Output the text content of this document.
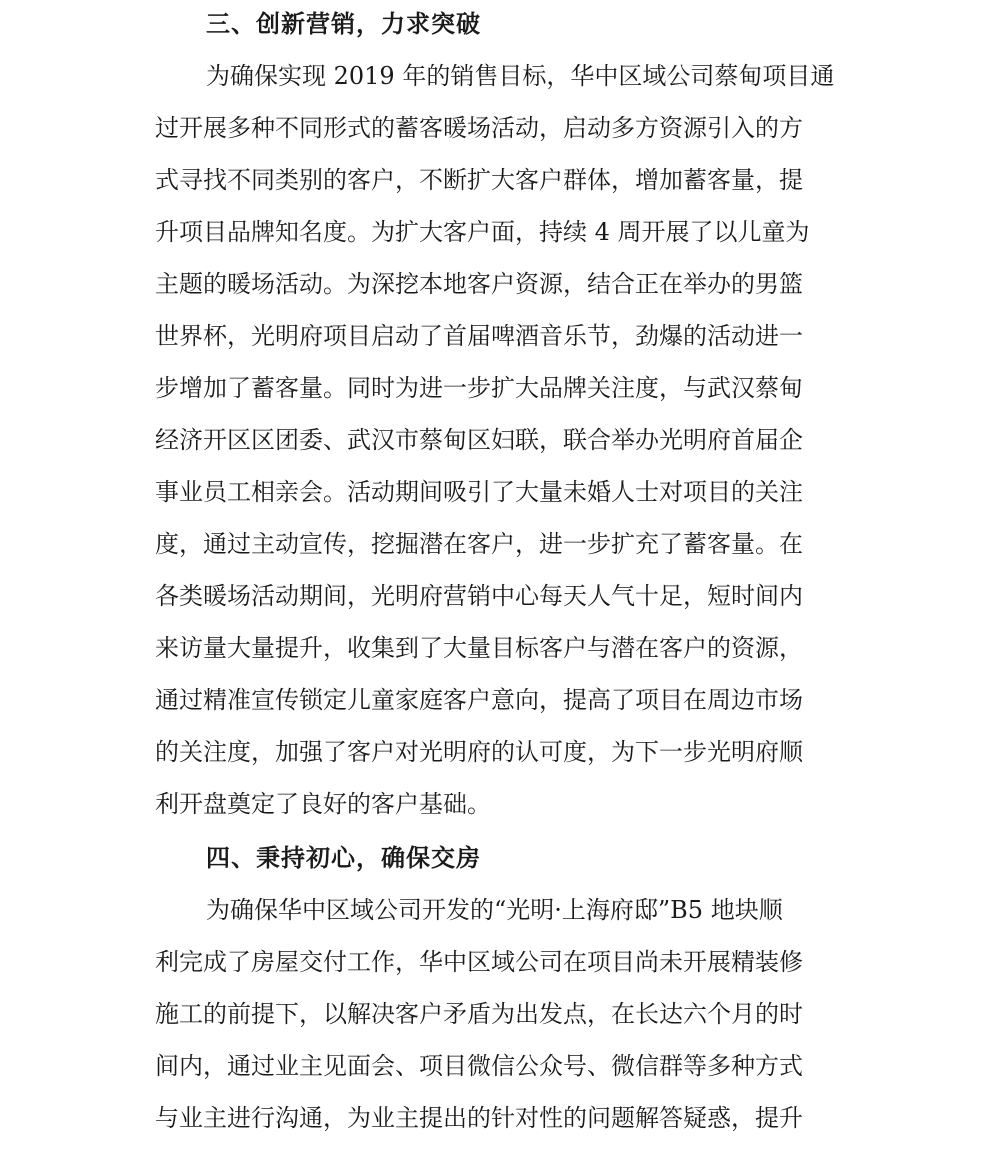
三、创新营销，力求突破
为确保实现 2019 年的销售目标，华中区域公司蔡甸项目通
过开展多种不同形式的蓄客暖场活动，启动多方资源引入的方
式寻找不同类别的客户，不断扩大客户群体，增加蓄客量，提
升项目品牌知名度。为扩大客户面，持续 4 周开展了以儿童为
主题的暖场活动。为深挖本地客户资源，结合正在举办的男篮
世界杯，光明府项目启动了首届啤酒音乐节，劲爆的活动进一
步增加了蓄客量。同时为进一步扩大品牌关注度，与武汉蔡甸
经济开区区团委、武汉市蔡甸区妇联，联合举办光明府首届企
事业员工相亲会。活动期间吸引了大量未婚人士对项目的关注
度，通过主动宣传，挖掘潜在客户，进一步扩充了蓄客量。在
各类暖场活动期间，光明府营销中心每天人气十足，短时间内
来访量大量提升，收集到了大量目标客户与潜在客户的资源，
通过精准宣传锁定儿童家庭客户意向，提高了项目在周边市场
的关注度，加强了客户对光明府的认可度，为下一步光明府顺
利开盘奠定了良好的客户基础。
四、秉持初心，确保交房
为确保华中区域公司开发的“光明·上海府邸”B5 地块顺
利完成了房屋交付工作，华中区域公司在项目尚未开展精装修
施工的前提下，以解决客户矛盾为出发点，在长达六个月的时
间内，通过业主见面会、项目微信公众号、微信群等多种方式
与业主进行沟通，为业主提出的针对性的问题解答疑惑，提升
